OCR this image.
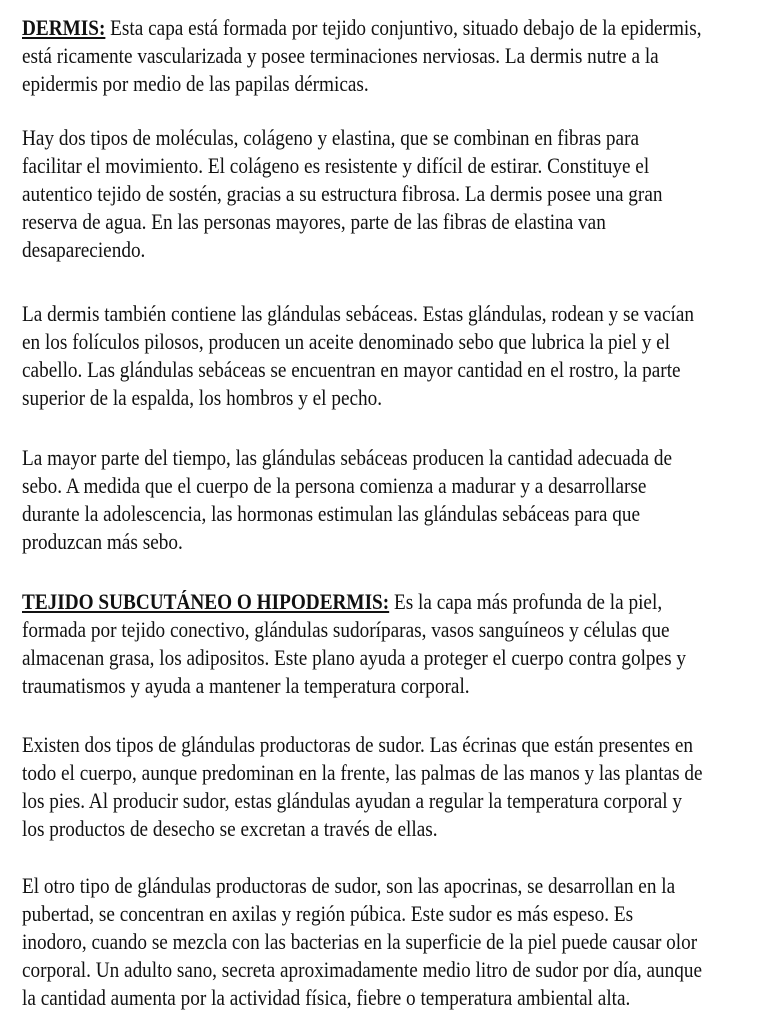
DERMIS: Esta capa está formada por tejido conjuntivo, situado debajo de la epidermis,
está ricamente vascularizada y posee terminaciones nerviosas. La dermis nutre a la
epidermis por medio de las papilas dérmicas.
Hay dos tipos de moléculas, colágeno y elastina, que se combinan en fibras para
facilitar el movimiento. El colágeno es resistente y difícil de estirar. Constituye el
autentico tejido de sostén, gracias a su estructura fibrosa. La dermis posee una gran
reserva de agua. En las personas mayores, parte de las fibras de elastina van
desapareciendo.
La dermis también contiene las glándulas sebáceas. Estas glándulas, rodean y se vacían
en los folículos pilosos, producen un aceite denominado sebo que lubrica la piel y el
cabello. Las glándulas sebáceas se encuentran en mayor cantidad en el rostro, la parte
superior de la espalda, los hombros y el pecho.
La mayor parte del tiempo, las glándulas sebáceas producen la cantidad adecuada de
sebo. A medida que el cuerpo de la persona comienza a madurar y a desarrollarse
durante la adolescencia, las hormonas estimulan las glándulas sebáceas para que
produzcan más sebo.
TEJIDO SUBCUTÁNEO O HIPODERMIS: Es la capa más profunda de la piel,
formada por tejido conectivo, glándulas sudoríparas, vasos sanguíneos y células que
almacenan grasa, los adipositos. Este plano ayuda a proteger el cuerpo contra golpes y
traumatismos y ayuda a mantener la temperatura corporal.
Existen dos tipos de glándulas productoras de sudor. Las écrinas que están presentes en
todo el cuerpo, aunque predominan en la frente, las palmas de las manos y las plantas de
los pies. Al producir sudor, estas glándulas ayudan a regular la temperatura corporal y
los productos de desecho se excretan a través de ellas.
El otro tipo de glándulas productoras de sudor, son las apocrinas, se desarrollan en la
pubertad, se concentran en axilas y región púbica. Este sudor es más espeso. Es
inodoro, cuando se mezcla con las bacterias en la superficie de la piel puede causar olor
corporal. Un adulto sano, secreta aproximadamente medio litro de sudor por día, aunque
la cantidad aumenta por la actividad física, fiebre o temperatura ambiental alta.
